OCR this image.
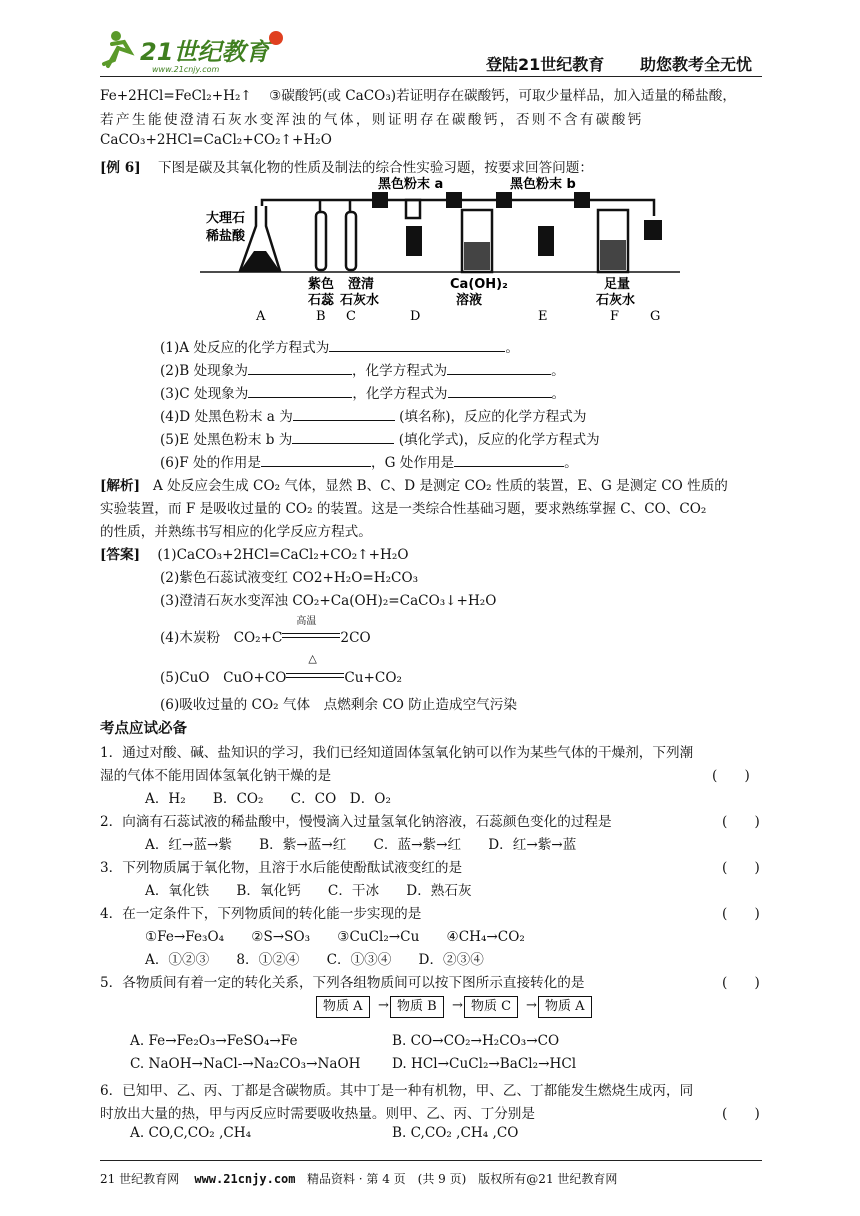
21世纪教育
www.21cnjy.com	登陆21世纪教育 助您教考全无忧
Fe+2HCl=FeCl₂+H₂↑ ③碳酸钙(或 CaCO₃)若证明存在碳酸钙，可取少量样品，加入适量的稀盐酸，
若产生能使澄清石灰水变浑浊的气体，则证明存在碳酸钙，否则不含有碳酸钙
CaCO₃+2HCl=CaCl₂+CO₂↑+H₂O
[例 6] 下图是碳及其氧化物的性质及制法的综合性实验习题，按要求回答问题：
黑色粉末 a	黑色粉末 b
大理石
稀盐酸
紫色
石蕊
澄清
石灰水
Ca(OH)₂
溶液
足量
石灰水
A	B C	D	E	F G
(1)A 处反应的化学方程式为	。
(2)B 处现象为	，化学方程式为	。
(3)C 处现象为	，化学方程式为	。
(4)D 处黑色粉末 a 为	(填名称)，反应的化学方程式为
(5)E 处黑色粉末 b 为	(填化学式)，反应的化学方程式为
(6)F 处的作用是	，G 处作用是	。
[解析] A 处反应会生成 CO₂ 气体，显然 B、C、D 是测定 CO₂ 性质的装置，E、G 是测定 CO 性质的
实验装置，而 F 是吸收过量的 CO₂ 的装置。这是一类综合性基础习题，要求熟练掌握 C、CO、CO₂
的性质，并熟练书写相应的化学反应方程式。
[答案] (1)CaCO₃+2HCl=CaCl₂+CO₂↑+H₂O
(2)紫色石蕊试液变红 CO2+H₂O=H₂CO₃
(3)澄清石灰水变浑浊 CO₂+Ca(OH)₂=CaCO₃↓+H₂O
(4)木炭粉　CO₂+C
高温
2CO
(5)CuO　CuO+CO
△
Cu+CO₂
(6)吸收过量的 CO₂ 气体　点燃剩余 CO 防止造成空气污染
考点应试必备
1．通过对酸、碱、盐知识的学习，我们已经知道固体氢氧化钠可以作为某些气体的干燥剂，下列潮
湿的气体不能用固体氢氧化钠干燥的是	(　　)
A．H₂　　B．CO₂　　C．CO　D．O₂
2．向滴有石蕊试液的稀盐酸中，慢慢滴入过量氢氧化钠溶液，石蕊颜色变化的过程是	(　　)
A．红→蓝→紫　　B．紫→蓝→红　　C．蓝→紫→红　　D．红→紫→蓝
3．下列物质属于氧化物，且溶于水后能使酚酞试液变红的是	(　　)
A．氧化铁　　B．氧化钙　　C．干冰　　D．熟石灰
4．在一定条件下，下列物质间的转化能一步实现的是	(　　)
①Fe→Fe₃O₄　　②S→SO₃　　③CuCl₂→Cu　　④CH₄→CO₂
A．①②③　　8．①②④　　C．①③④　　D．②③④
5．各物质间有着一定的转化关系，下列各组物质间可以按下图所示直接转化的是	(　　)
物质 A	→ 物质 B	→ 物质 C	→ 物质 A
A. Fe→Fe₂O₃→FeSO₄→Fe	B. CO→CO₂→H₂CO₃→CO
C. NaOH→NaCl-→Na₂CO₃→NaOH D. HCl→CuCl₂→BaCl₂→HCl
6．已知甲、乙、丙、丁都是含碳物质。其中丁是一种有机物，甲、乙、丁都能发生燃烧生成丙，同
时放出大量的热，甲与丙反应时需要吸收热量。则甲、乙、丙、丁分别是	(　　)
A. CO,C,CO₂ ,CH₄	B. C,CO₂ ,CH₄ ,CO
21 世纪教育网 www.21cnjy.com 精品资料 · 第 4 页　(共 9 页)　版权所有@21 世纪教育网
